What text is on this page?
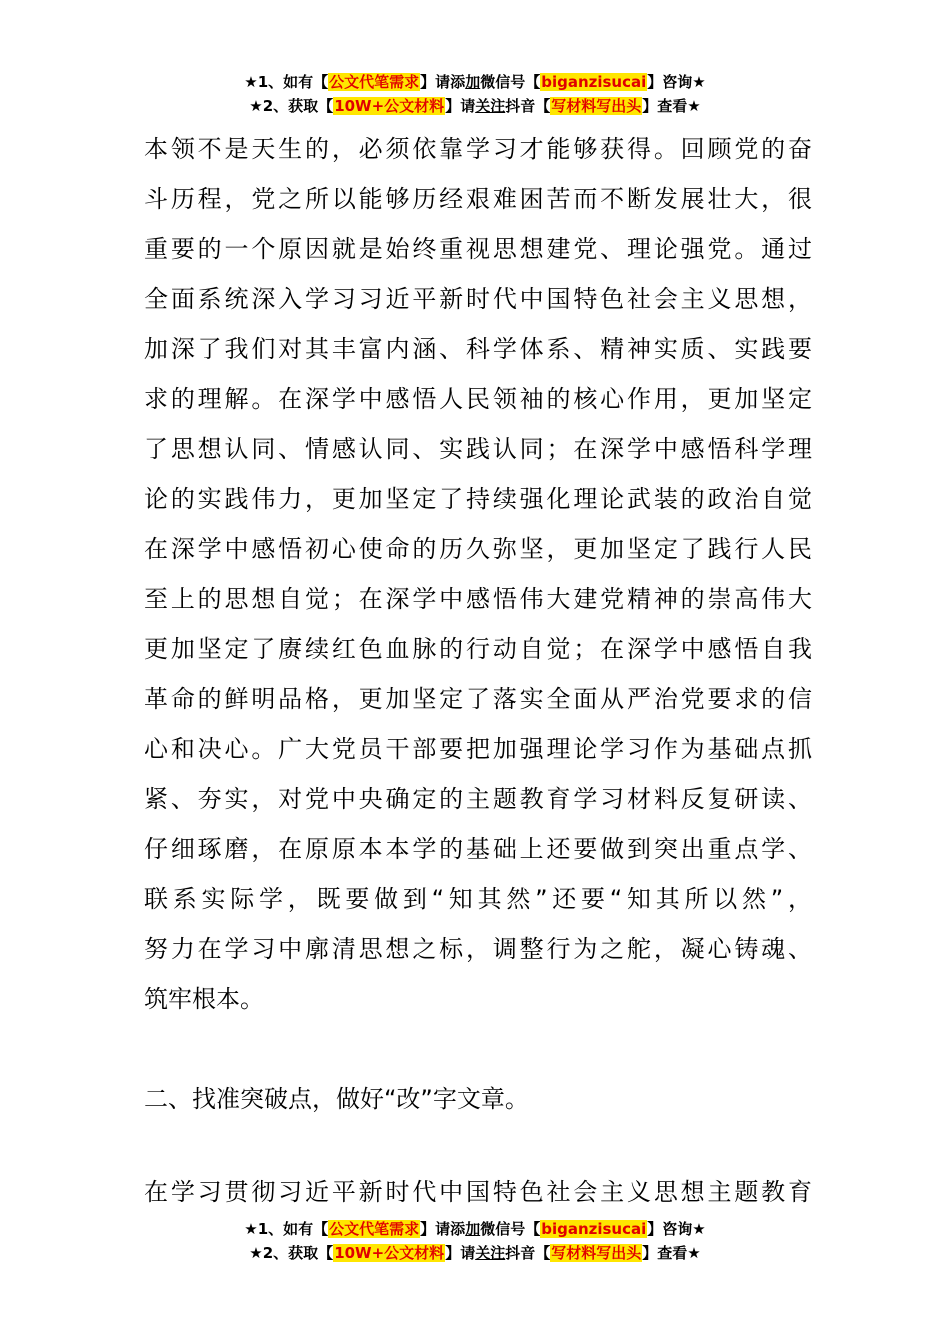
★1、如有【公文代笔需求】请添加微信号【biganzisucai】咨询★
★2、获取【10W+公文材料】请关注抖音【写材料写出头】查看★
本领不是天生的，必须依靠学习才能够获得。回顾党的奋
斗历程，党之所以能够历经艰难困苦而不断发展壮大，很
重要的一个原因就是始终重视思想建党、理论强党。通过
全面系统深入学习习近平新时代中国特色社会主义思想，
加深了我们对其丰富内涵、科学体系、精神实质、实践要
求的理解。在深学中感悟人民领袖的核心作用，更加坚定
了思想认同、情感认同、实践认同；在深学中感悟科学理
论的实践伟力，更加坚定了持续强化理论武装的政治自觉
在深学中感悟初心使命的历久弥坚，更加坚定了践行人民
至上的思想自觉；在深学中感悟伟大建党精神的崇高伟大
更加坚定了赓续红色血脉的行动自觉；在深学中感悟自我
革命的鲜明品格，更加坚定了落实全面从严治党要求的信
心和决心。广大党员干部要把加强理论学习作为基础点抓
紧、夯实，对党中央确定的主题教育学习材料反复研读、
仔细琢磨，在原原本本学的基础上还要做到突出重点学、
联系实际学，既要做到“知其然”还要“知其所以然”，
努力在学习中廓清思想之标，调整行为之舵，凝心铸魂、
筑牢根本。
二、找准突破点，做好“改”字文章。
在学习贯彻习近平新时代中国特色社会主义思想主题教育
★1、如有【公文代笔需求】请添加微信号【biganzisucai】咨询★
★2、获取【10W+公文材料】请关注抖音【写材料写出头】查看★
